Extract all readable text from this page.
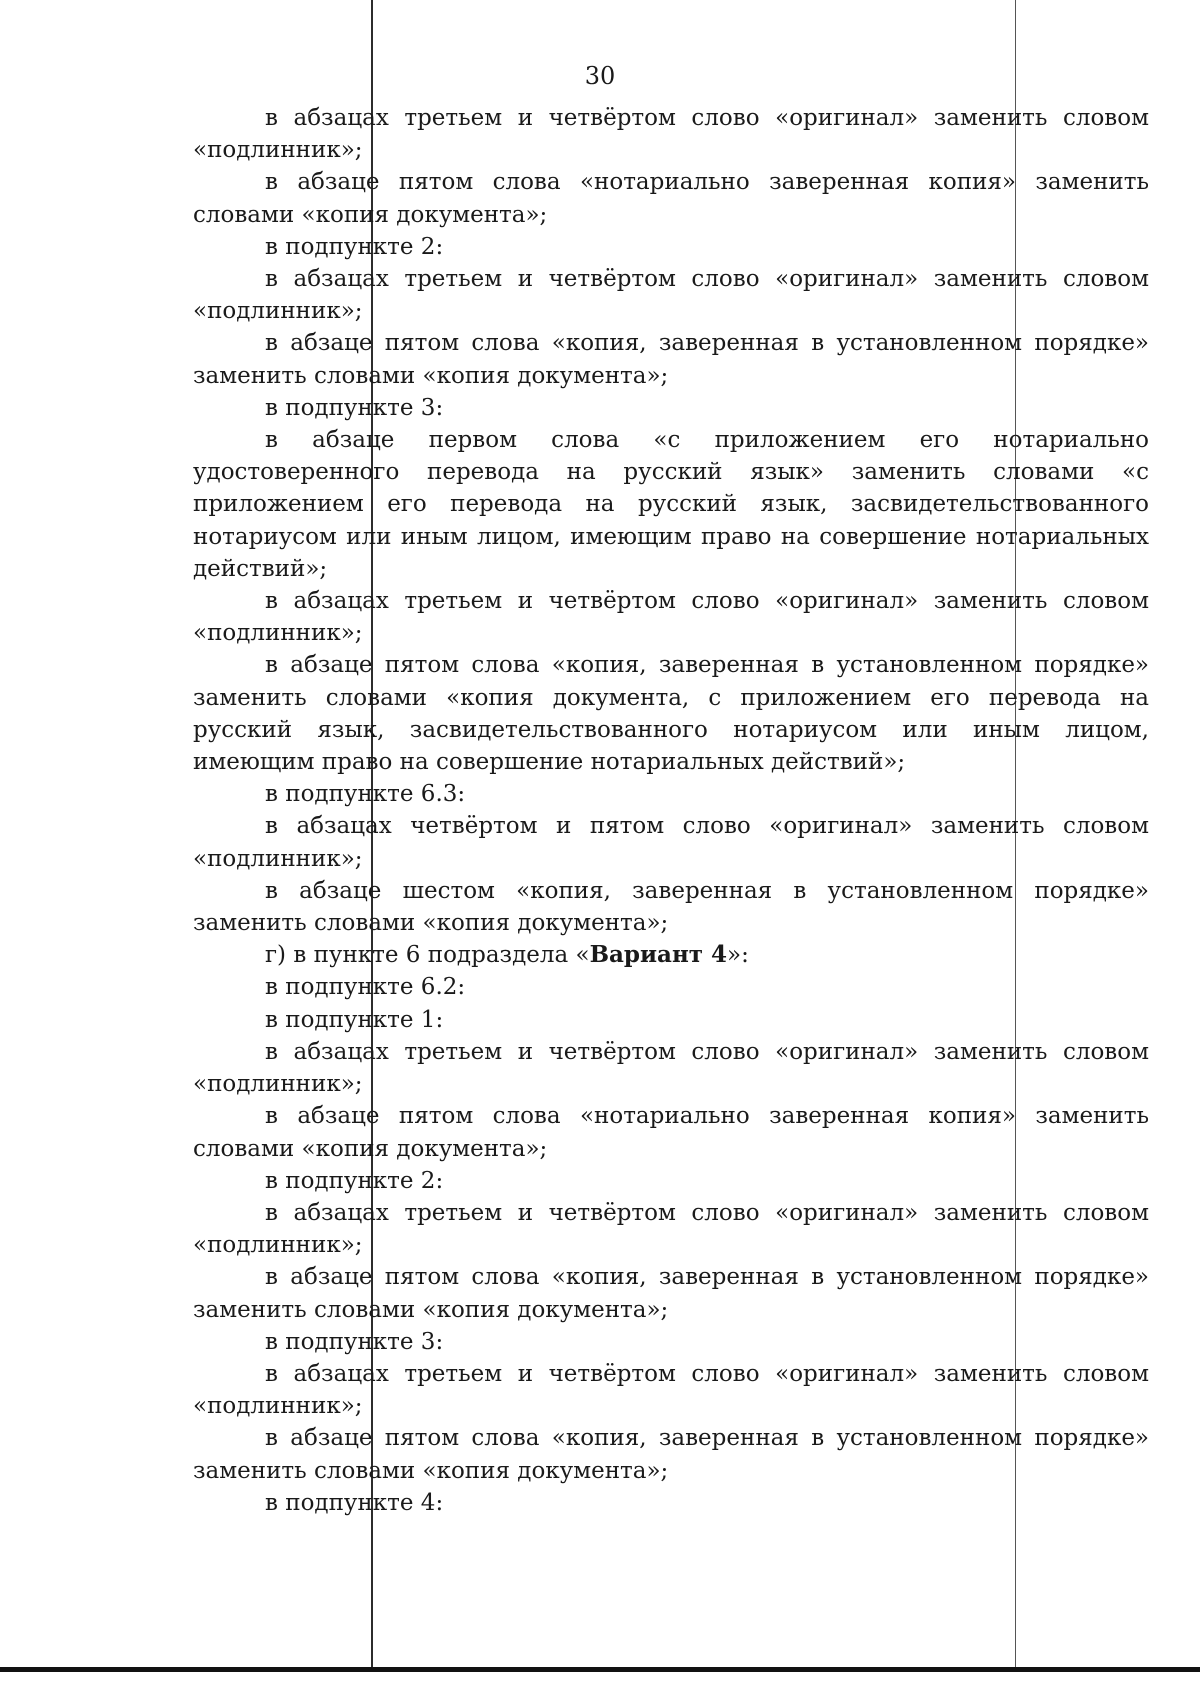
30

в абзацах третьем и четвёртом слово «оригинал» заменить словом «подлинник»;

в абзаце пятом слова «нотариально заверенная копия» заменить словами «копия документа»;

в подпункте 2:

в абзацах третьем и четвёртом слово «оригинал» заменить словом «подлинник»;

в абзаце пятом слова «копия, заверенная в установленном порядке» заменить словами «копия документа»;

в подпункте 3:

в абзаце первом слова «с приложением его нотариально удостоверенного перевода на русский язык» заменить словами «с приложением его перевода на русский язык, засвидетельствованного нотариусом или иным лицом, имеющим право на совершение нотариальных действий»;

в абзацах третьем и четвёртом слово «оригинал» заменить словом «подлинник»;

в абзаце пятом слова «копия, заверенная в установленном порядке» заменить словами «копия документа, с приложением его перевода на русский язык, засвидетельствованного нотариусом или иным лицом, имеющим право на совершение нотариальных действий»;

в подпункте 6.3:

в абзацах четвёртом и пятом слово «оригинал» заменить словом «подлинник»;

в абзаце шестом «копия, заверенная в установленном порядке» заменить словами «копия документа»;

г) в пункте 6 подраздела «Вариант 4»:

в подпункте 6.2:

в подпункте 1:

в абзацах третьем и четвёртом слово «оригинал» заменить словом «подлинник»;

в абзаце пятом слова «нотариально заверенная копия» заменить словами «копия документа»;

в подпункте 2:

в абзацах третьем и четвёртом слово «оригинал» заменить словом «подлинник»;

в абзаце пятом слова «копия, заверенная в установленном порядке» заменить словами «копия документа»;

в подпункте 3:

в абзацах третьем и четвёртом слово «оригинал» заменить словом «подлинник»;

в абзаце пятом слова «копия, заверенная в установленном порядке» заменить словами «копия документа»;

в подпункте 4:
